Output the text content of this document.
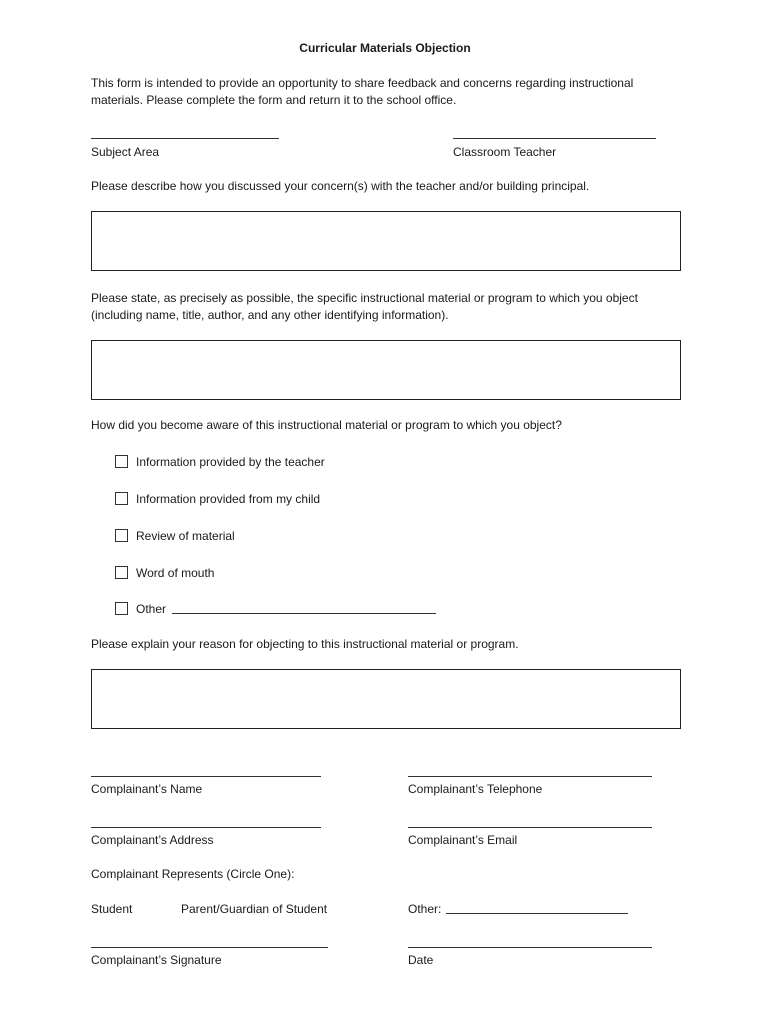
Curricular Materials Objection
This form is intended to provide an opportunity to share feedback and concerns regarding instructional materials. Please complete the form and return it to the school office.
Subject Area	Classroom Teacher
Please describe how you discussed your concern(s) with the teacher and/or building principal.
Please state, as precisely as possible, the specific instructional material or program to which you object (including name, title, author, and any other identifying information).
How did you become aware of this instructional material or program to which you object?
Information provided by the teacher
Information provided from my child
Review of material
Word of mouth
Other
Please explain your reason for objecting to this instructional material or program.
Complainant’s Name	Complainant’s Telephone
Complainant’s Address	Complainant’s Email
Complainant Represents (Circle One):
Student	Parent/Guardian of Student	Other:
Complainant’s Signature	Date
